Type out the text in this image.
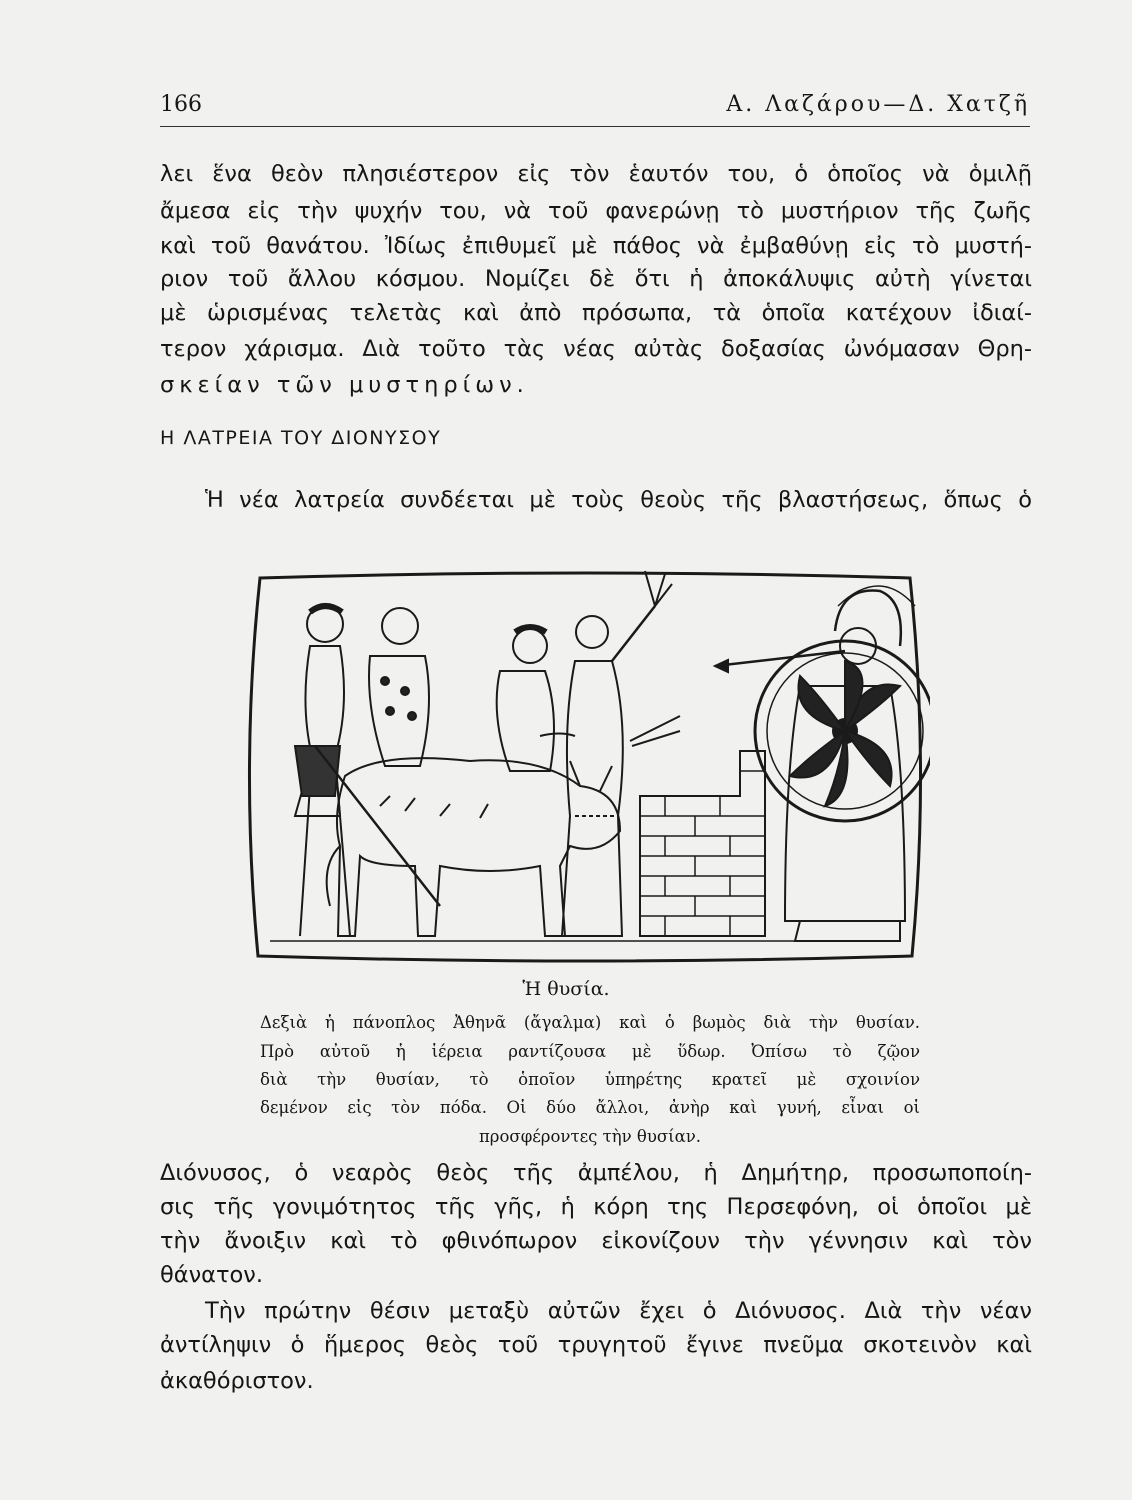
166	Α. Λαζάρου—Δ. Χατζῆ
λει ἕνα θεὸν πλησιέστερον εἰς τὸν ἑαυτόν του, ὁ ὁποῖος νὰ ὁμιλῇ
ἄμεσα εἰς τὴν ψυχήν του, νὰ τοῦ φανερώνῃ τὸ μυστήριον τῆς ζωῆς
καὶ τοῦ θανάτου. Ἰδίως ἐπιθυμεῖ μὲ πάθος νὰ ἐμβαθύνῃ εἰς τὸ μυστή-
ριον τοῦ ἄλλου κόσμου. Νομίζει δὲ ὅτι ἡ ἀποκάλυψις αὐτὴ γίνεται
μὲ ὡρισμένας τελετὰς καὶ ἀπὸ πρόσωπα, τὰ ὁποῖα κατέχουν ἰδιαί-
τερον χάρισμα. Διὰ τοῦτο τὰς νέας αὐτὰς δοξασίας ὠνόμασαν Θρη-
σκείαν τῶν μυστηρίων.
Η ΛΑΤΡΕΙΑ ΤΟΥ ΔΙΟΝΥΣΟΥ
Ἡ νέα λατρεία συνδέεται μὲ τοὺς θεοὺς τῆς βλαστήσεως, ὅπως ὁ
Ἡ θυσία.
Δεξιὰ ἡ πάνοπλος Ἀθηνᾶ (ἄγαλμα) καὶ ὁ βωμὸς διὰ τὴν θυσίαν.
Πρὸ αὐτοῦ ἡ ἱέρεια ραντίζουσα μὲ ὕδωρ. Ὀπίσω τὸ ζῷον
διὰ τὴν θυσίαν, τὸ ὁποῖον ὑπηρέτης κρατεῖ μὲ σχοινίον
δεμένον εἰς τὸν πόδα. Οἱ δύο ἄλλοι, ἀνὴρ καὶ γυνή, εἶναι οἱ
προσφέροντες τὴν θυσίαν.
Διόνυσος, ὁ νεαρὸς θεὸς τῆς ἀμπέλου, ἡ Δημήτηρ, προσωποποίη-
σις τῆς γονιμότητος τῆς γῆς, ἡ κόρη της Περσεφόνη, οἱ ὁποῖοι μὲ
τὴν ἄνοιξιν καὶ τὸ φθινόπωρον εἰκονίζουν τὴν γέννησιν καὶ τὸν
θάνατον.
Τὴν πρώτην θέσιν μεταξὺ αὐτῶν ἔχει ὁ Διόνυσος. Διὰ τὴν νέαν
ἀντίληψιν ὁ ἥμερος θεὸς τοῦ τρυγητοῦ ἔγινε πνεῦμα σκοτεινὸν καὶ
ἀκαθόριστον.
